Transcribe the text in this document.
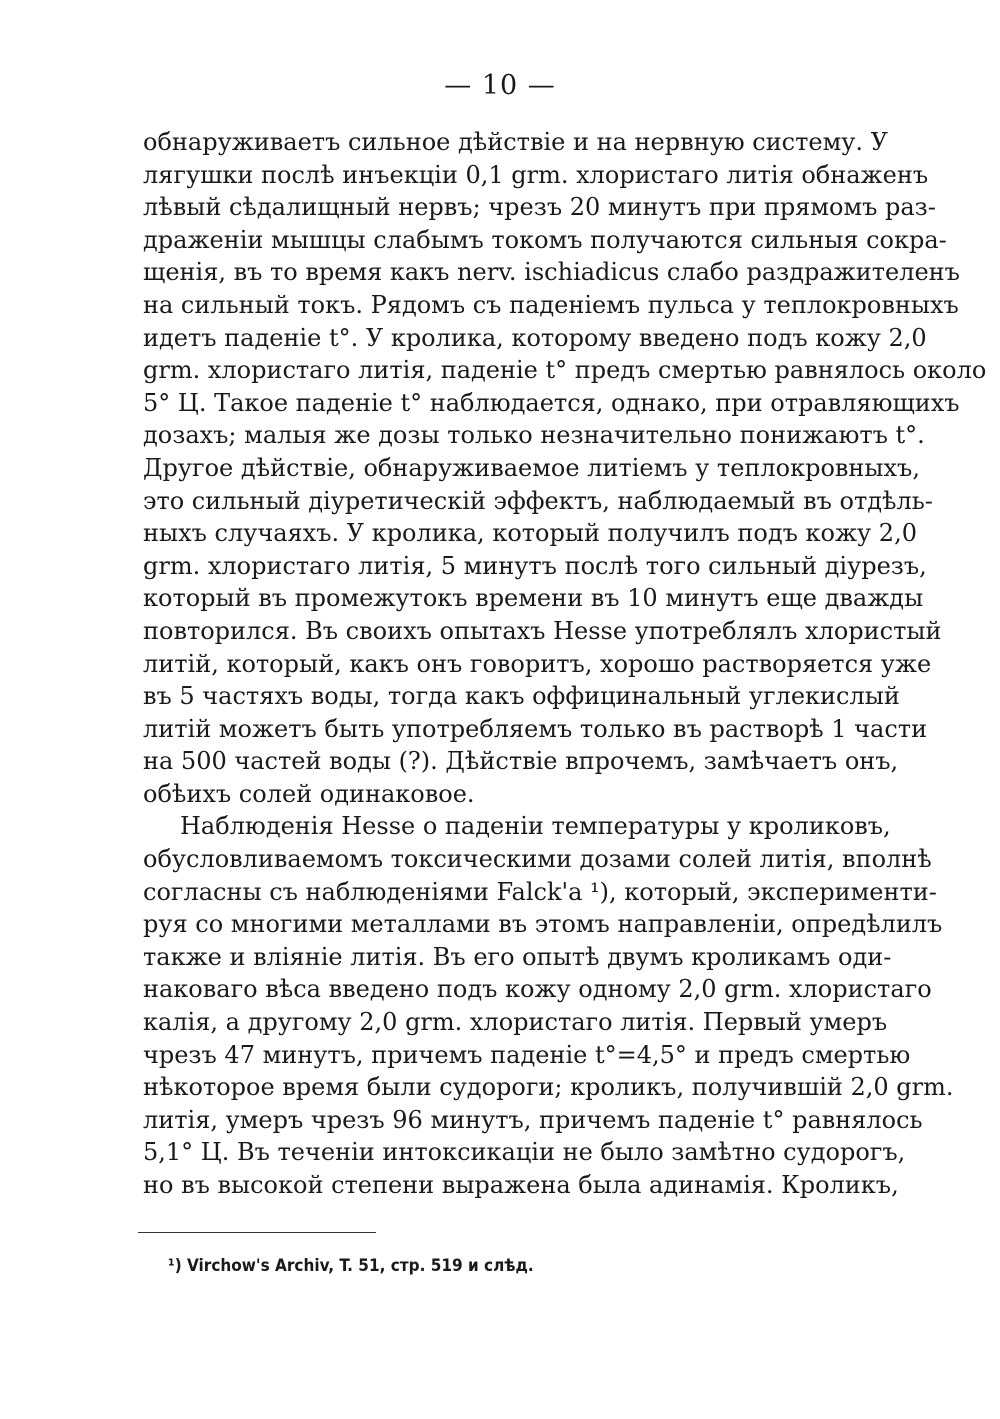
— 10 —
обнаруживаетъ сильное дѣйствіе и на нервную систему. У
лягушки послѣ инъекціи 0,1 grm. хлористаго литія обнаженъ
лѣвый сѣдалищный нервъ; чрезъ 20 минутъ при прямомъ раз-
драженіи мышцы слабымъ токомъ получаются сильныя сокра-
щенія, въ то время какъ nerv. ischiadicus слабо раздражителенъ
на сильный токъ. Рядомъ съ паденіемъ пульса у теплокровныхъ
идетъ паденіе t°. У кролика, которому введено подъ кожу 2,0
grm. хлористаго литія, паденіе t° предъ смертью равнялось около
5° Ц. Такое паденіе t° наблюдается, однако, при отравляющихъ
дозахъ; малыя же дозы только незначительно понижаютъ t°.
Другое дѣйствіе, обнаруживаемое литіемъ у теплокровныхъ,
это сильный діуретическій эффектъ, наблюдаемый въ отдѣль-
ныхъ случаяхъ. У кролика, который получилъ подъ кожу 2,0
grm. хлористаго литія, 5 минутъ послѣ того сильный діурезъ,
который въ промежутокъ времени въ 10 минутъ еще дважды
повторился. Въ своихъ опытахъ Hesse употреблялъ хлористый
литій, который, какъ онъ говоритъ, хорошо растворяется уже
въ 5 частяхъ воды, тогда какъ оффицинальный углекислый
литій можетъ быть употребляемъ только въ растворѣ 1 части
на 500 частей воды (?). Дѣйствіе впрочемъ, замѣчаетъ онъ,
обѣихъ солей одинаковое.
Наблюденія Hesse о паденіи температуры у кроликовъ,
обусловливаемомъ токсическими дозами солей литія, вполнѣ
согласны съ наблюденіями Falck'а ¹), который, эксперименти-
руя со многими металлами въ этомъ направленіи, опредѣлилъ
также и вліяніе литія. Въ его опытѣ двумъ кроликамъ оди-
наковаго вѣса введено подъ кожу одному 2,0 grm. хлористаго
калія, а другому 2,0 grm. хлористаго литія. Первый умеръ
чрезъ 47 минутъ, причемъ паденіе t°=4,5° и предъ смертью
нѣкоторое время были судороги; кроликъ, получившій 2,0 grm.
литія, умеръ чрезъ 96 минутъ, причемъ паденіе t° равнялось
5,1° Ц. Въ теченіи интоксикаціи не было замѣтно судорогъ,
но въ высокой степени выражена была адинамія. Кроликъ,
¹) Virchow's Archiv, T. 51, стр. 519 и слѣд.
